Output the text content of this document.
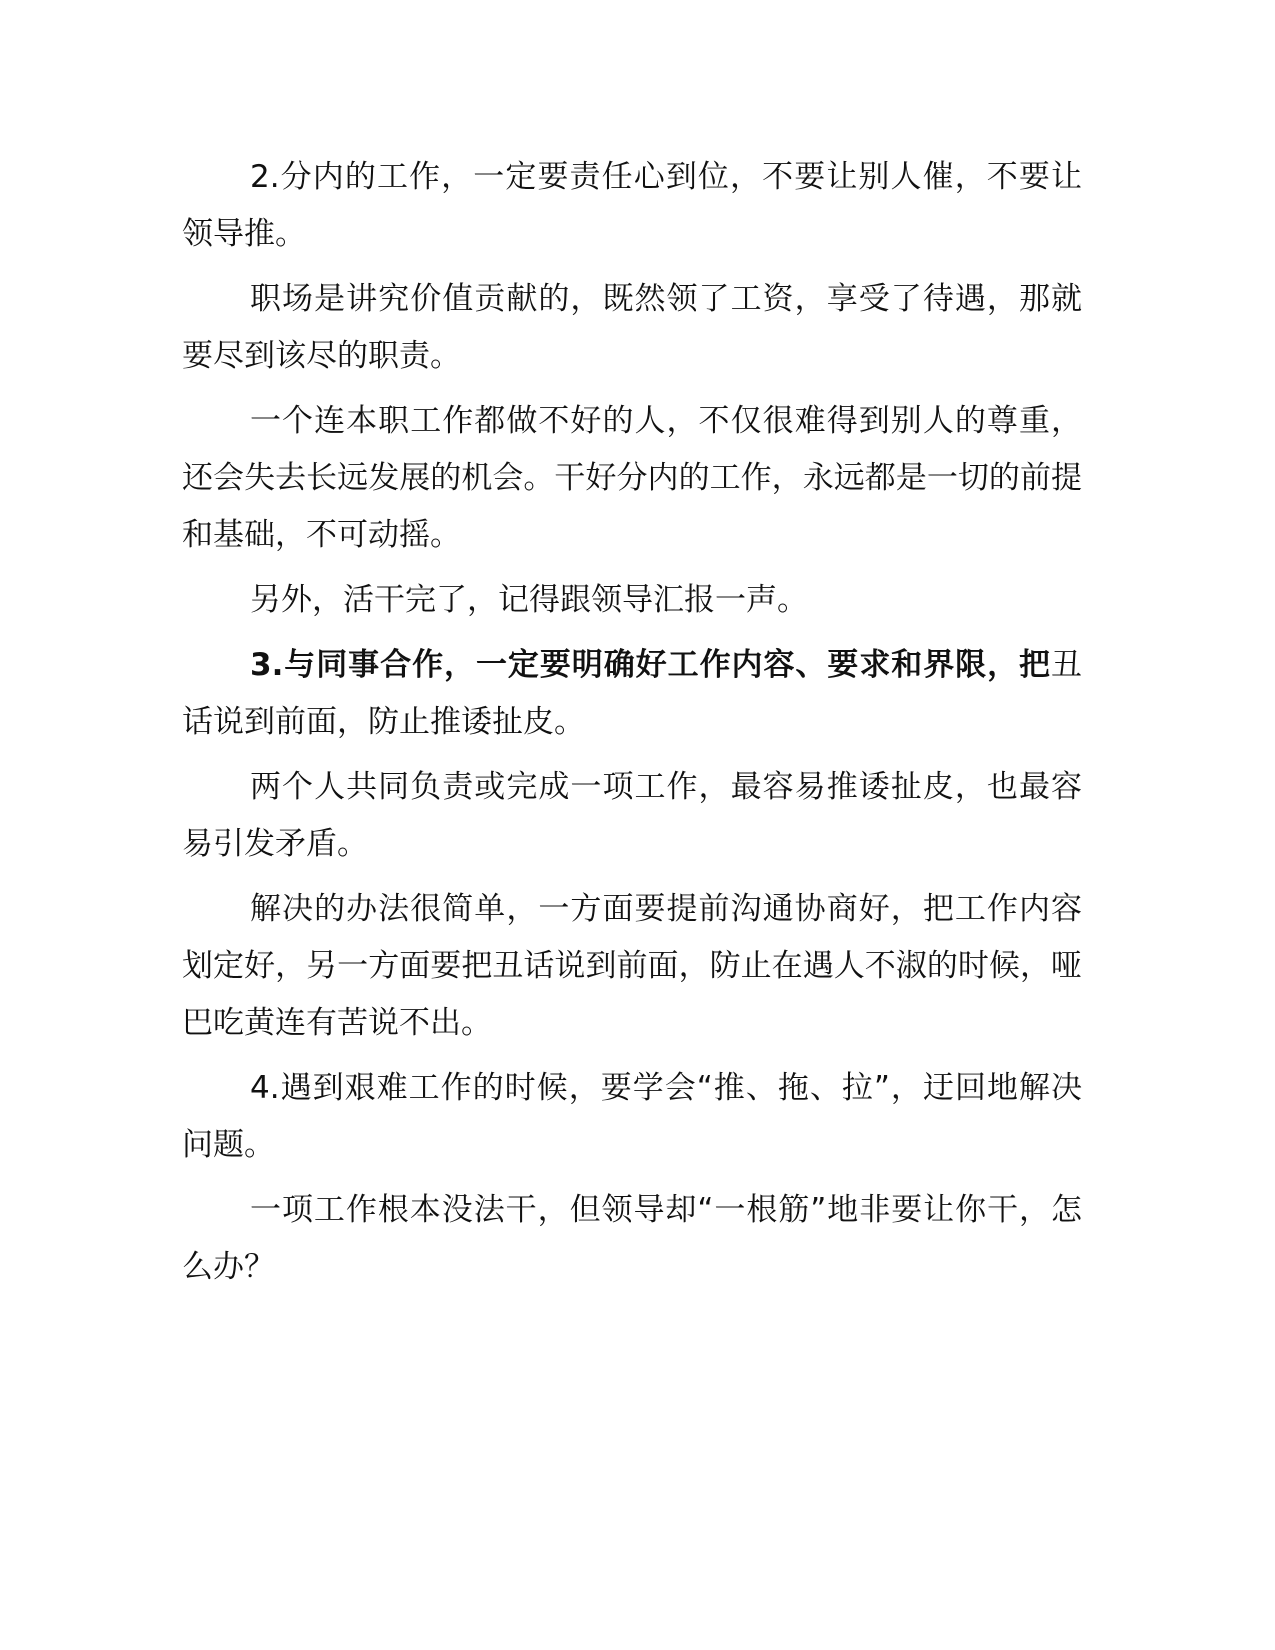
2.分内的工作，一定要责任心到位，不要让别人催，不要让领导推。

职场是讲究价值贡献的，既然领了工资，享受了待遇，那就要尽到该尽的职责。

一个连本职工作都做不好的人，不仅很难得到别人的尊重，还会失去长远发展的机会。干好分内的工作，永远都是一切的前提和基础，不可动摇。

另外，活干完了，记得跟领导汇报一声。

3.与同事合作，一定要明确好工作内容、要求和界限，把丑话说到前面，防止推诿扯皮。

两个人共同负责或完成一项工作，最容易推诿扯皮，也最容易引发矛盾。

解决的办法很简单，一方面要提前沟通协商好，把工作内容划定好，另一方面要把丑话说到前面，防止在遇人不淑的时候，哑巴吃黄连有苦说不出。

4.遇到艰难工作的时候，要学会“推、拖、拉”，迂回地解决问题。

一项工作根本没法干，但领导却“一根筋”地非要让你干，怎么办？
